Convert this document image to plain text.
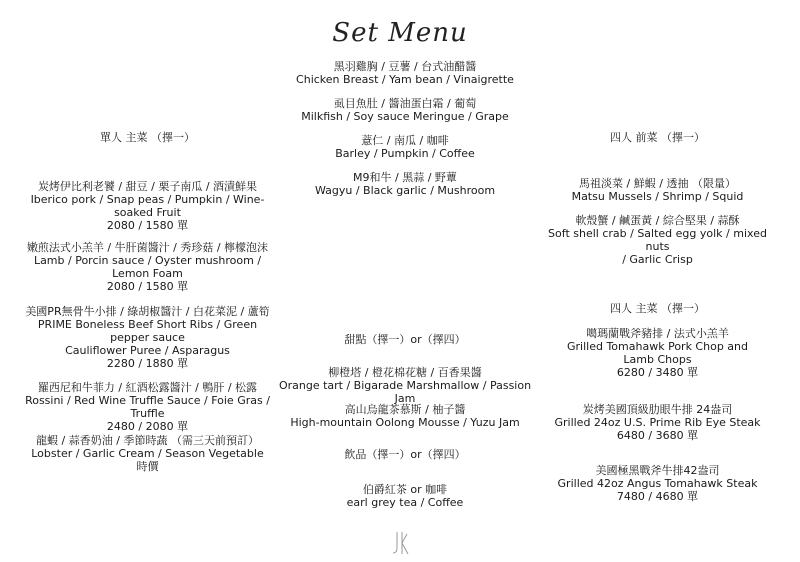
Set Menu
黑羽雞胸 / 豆薯 / 台式油醋醬
Chicken Breast / Yam bean / Vinaigrette
虱目魚肚 / 醬油蛋白霜 / 葡萄
Milkfish / Soy sauce Meringue / Grape
薏仁 / 南瓜 / 咖啡
Barley / Pumpkin / Coffee
M9和牛 / 黑蒜 / 野蕈
Wagyu / Black garlic / Mushroom
甜點（擇一）or（擇四）
柳橙塔 / 橙花棉花糖 / 百香果醬
Orange tart / Bigarade Marshmallow / Passion Jam
高山烏龍茶慕斯 / 柚子醬
High-mountain Oolong Mousse / Yuzu Jam
飲品（擇一）or（擇四）
伯爵紅茶 or 咖啡
earl grey tea / Coffee
單人 主菜 （擇一）
炭烤伊比利老饕 / 甜豆 / 栗子南瓜 / 酒漬鮮果
Iberico pork / Snap peas / Pumpkin / Wine-soaked Fruit
2080 / 1580 單
嫩煎法式小羔羊 / 牛肝菌醬汁 / 秀珍菇 / 檸檬泡沫
Lamb / Porcin sauce / Oyster mushroom / Lemon Foam
2080 / 1580 單
美國PR無骨牛小排 / 綠胡椒醬汁 / 白花菜泥 / 蘆筍
PRIME Boneless Beef Short Ribs / Green pepper sauce
Cauliflower Puree / Asparagus
2280 / 1880 單
羅西尼和牛菲力 / 紅酒松露醬汁 / 鴨肝 / 松露
Rossini / Red Wine Truffle Sauce / Foie Gras / Truffle
2480 / 2080 單
龍蝦 / 蒜香奶油 / 季節時蔬 （需三天前預訂）
Lobster / Garlic Cream / Season Vegetable
時價
四人 前菜 （擇一）
馬祖淡菜 / 鮮蝦 / 透抽 （限量）
Matsu Mussels / Shrimp / Squid
軟殼蟹 / 鹹蛋黃 / 綜合堅果 / 蒜酥
Soft shell crab / Salted egg yolk / mixed nuts
/ Garlic Crisp
四人 主菜 （擇一）
噶瑪蘭戰斧豬排 / 法式小羔羊
Grilled Tomahawk Pork Chop and Lamb Chops
6280 / 3480 單
炭烤美國頂級肋眼牛排 24盎司
Grilled 24oz U.S. Prime Rib Eye Steak
6480 / 3680 單
美國極黑戰斧牛排42盎司
Grilled 42oz Angus Tomahawk Steak
7480 / 4680 單
